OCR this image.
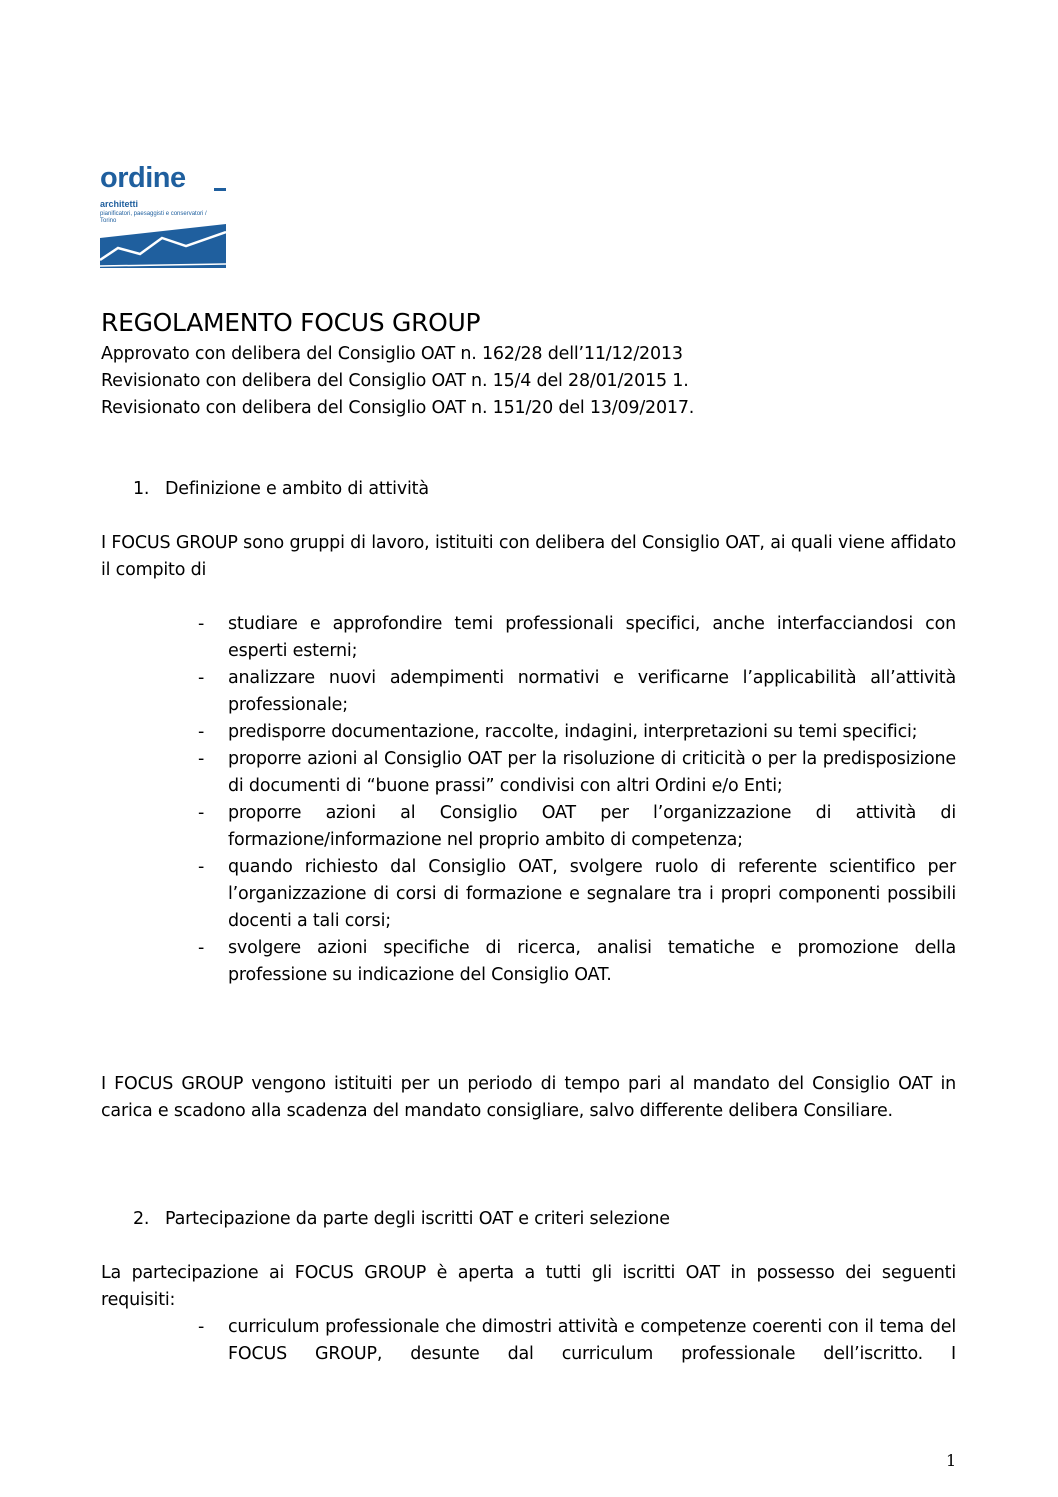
ordine
architetti
pianificatori, paesaggisti e conservatori / Torino
REGOLAMENTO FOCUS GROUP
Approvato con delibera del Consiglio OAT n. 162/28 dell’11/12/2013
Revisionato con delibera del Consiglio OAT n. 15/4 del 28/01/2015 1.
Revisionato con delibera del Consiglio OAT n. 151/20 del 13/09/2017.
1. Definizione e ambito di attività
I FOCUS GROUP sono gruppi di lavoro, istituiti con delibera del Consiglio OAT, ai quali viene affidato il compito di
- studiare e approfondire temi professionali specifici, anche interfacciandosi con esperti esterni;
- analizzare nuovi adempimenti normativi e verificarne l’applicabilità all’attività professionale;
- predisporre documentazione, raccolte, indagini, interpretazioni su temi specifici;
- proporre azioni al Consiglio OAT per la risoluzione di criticità o per la predisposizione di documenti di “buone prassi” condivisi con altri Ordini e/o Enti;
- proporre azioni al Consiglio OAT per l’organizzazione di attività di formazione/informazione nel proprio ambito di competenza;
- quando richiesto dal Consiglio OAT, svolgere ruolo di referente scientifico per l’organizzazione di corsi di formazione e segnalare tra i propri componenti possibili docenti a tali corsi;
- svolgere azioni specifiche di ricerca, analisi tematiche e promozione della professione su indicazione del Consiglio OAT.
I FOCUS GROUP vengono istituiti per un periodo di tempo pari al mandato del Consiglio OAT in carica e scadono alla scadenza del mandato consigliare, salvo differente delibera Consiliare.
2. Partecipazione da parte degli iscritti OAT e criteri selezione
La partecipazione ai FOCUS GROUP è aperta a tutti gli iscritti OAT in possesso dei seguenti requisiti:
- curriculum professionale che dimostri attività e competenze coerenti con il tema del FOCUS GROUP, desunte dal curriculum professionale dell’iscritto. I
1
